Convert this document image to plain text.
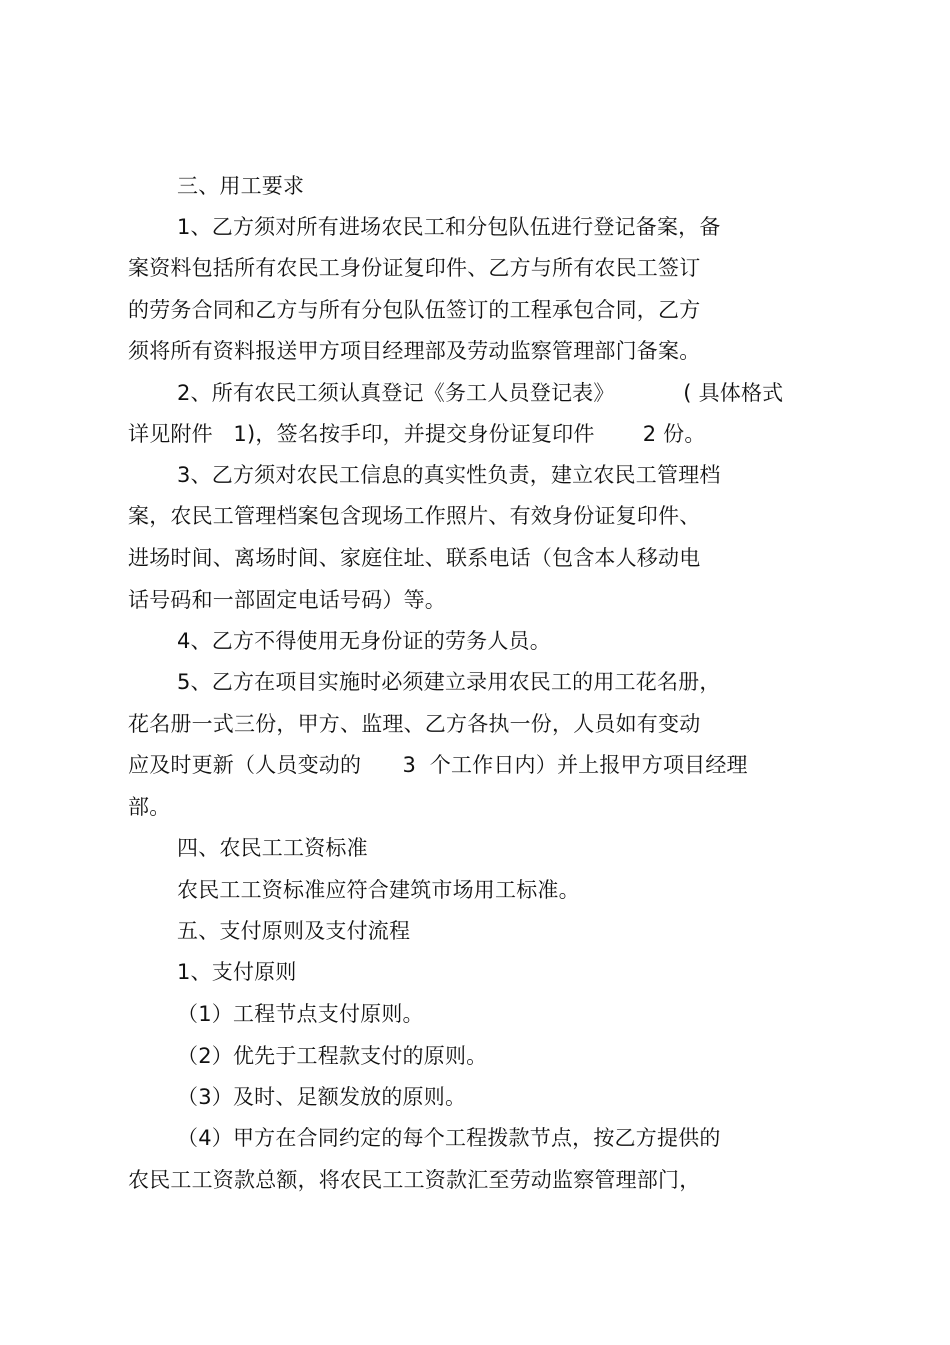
三、用工要求
1、乙方须对所有进场农民工和分包队伍进行登记备案，备
案资料包括所有农民工身份证复印件、乙方与所有农民工签订
的劳务合同和乙方与所有分包队伍签订的工程承包合同，乙方
须将所有资料报送甲方项目经理部及劳动监察管理部门备案。
2、所有农民工须认真登记《务工人员登记表》          ( 具体格式
详见附件   1)，签名按手印，并提交身份证复印件       2 份。
3、乙方须对农民工信息的真实性负责，建立农民工管理档
案，农民工管理档案包含现场工作照片、有效身份证复印件、
进场时间、离场时间、家庭住址、联系电话（包含本人移动电
话号码和一部固定电话号码）等。
4、乙方不得使用无身份证的劳务人员。
5、乙方在项目实施时必须建立录用农民工的用工花名册，
花名册一式三份，甲方、监理、乙方各执一份，人员如有变动
应及时更新（人员变动的      3  个工作日内）并上报甲方项目经理
部。
四、农民工工资标准
农民工工资标准应符合建筑市场用工标准。
五、支付原则及支付流程
1、支付原则
（1）工程节点支付原则。
（2）优先于工程款支付的原则。
（3）及时、足额发放的原则。
（4）甲方在合同约定的每个工程拨款节点，按乙方提供的
农民工工资款总额，将农民工工资款汇至劳动监察管理部门，
